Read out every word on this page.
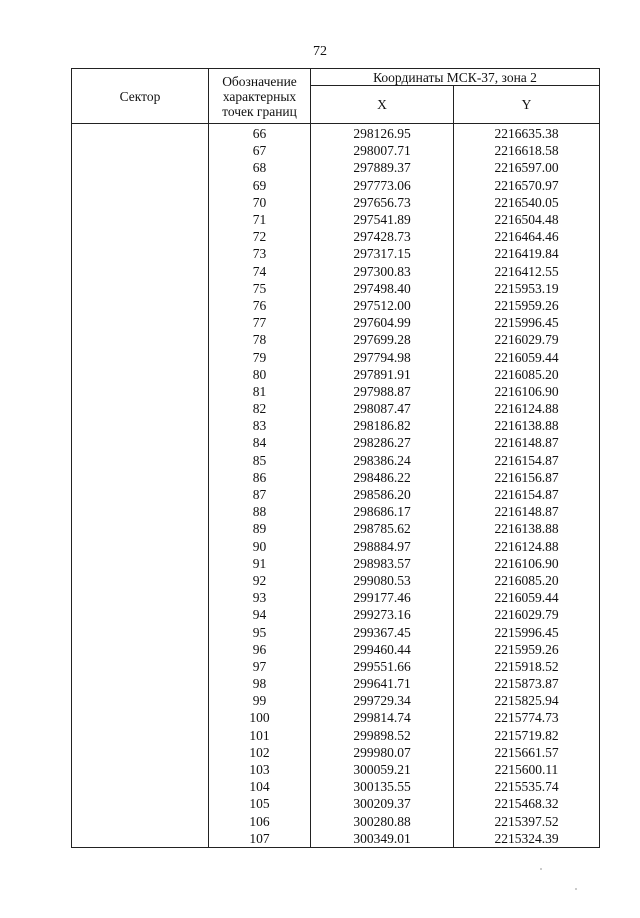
72
Сектор	Обозначение
характерных
точек границ	Координаты МСК-37, зона 2	
		X	Y
	66	298126.95	2216635.38
	67	298007.71	2216618.58
	68	297889.37	2216597.00
	69	297773.06	2216570.97
	70	297656.73	2216540.05
	71	297541.89	2216504.48
	72	297428.73	2216464.46
	73	297317.15	2216419.84
	74	297300.83	2216412.55
	75	297498.40	2215953.19
	76	297512.00	2215959.26
	77	297604.99	2215996.45
	78	297699.28	2216029.79
	79	297794.98	2216059.44
	80	297891.91	2216085.20
	81	297988.87	2216106.90
	82	298087.47	2216124.88
	83	298186.82	2216138.88
	84	298286.27	2216148.87
	85	298386.24	2216154.87
	86	298486.22	2216156.87
	87	298586.20	2216154.87
	88	298686.17	2216148.87
	89	298785.62	2216138.88
	90	298884.97	2216124.88
	91	298983.57	2216106.90
	92	299080.53	2216085.20
	93	299177.46	2216059.44
	94	299273.16	2216029.79
	95	299367.45	2215996.45
	96	299460.44	2215959.26
	97	299551.66	2215918.52
	98	299641.71	2215873.87
	99	299729.34	2215825.94
	100	299814.74	2215774.73
	101	299898.52	2215719.82
	102	299980.07	2215661.57
	103	300059.21	2215600.11
	104	300135.55	2215535.74
	105	300209.37	2215468.32
	106	300280.88	2215397.52
	107	300349.01	2215324.39
